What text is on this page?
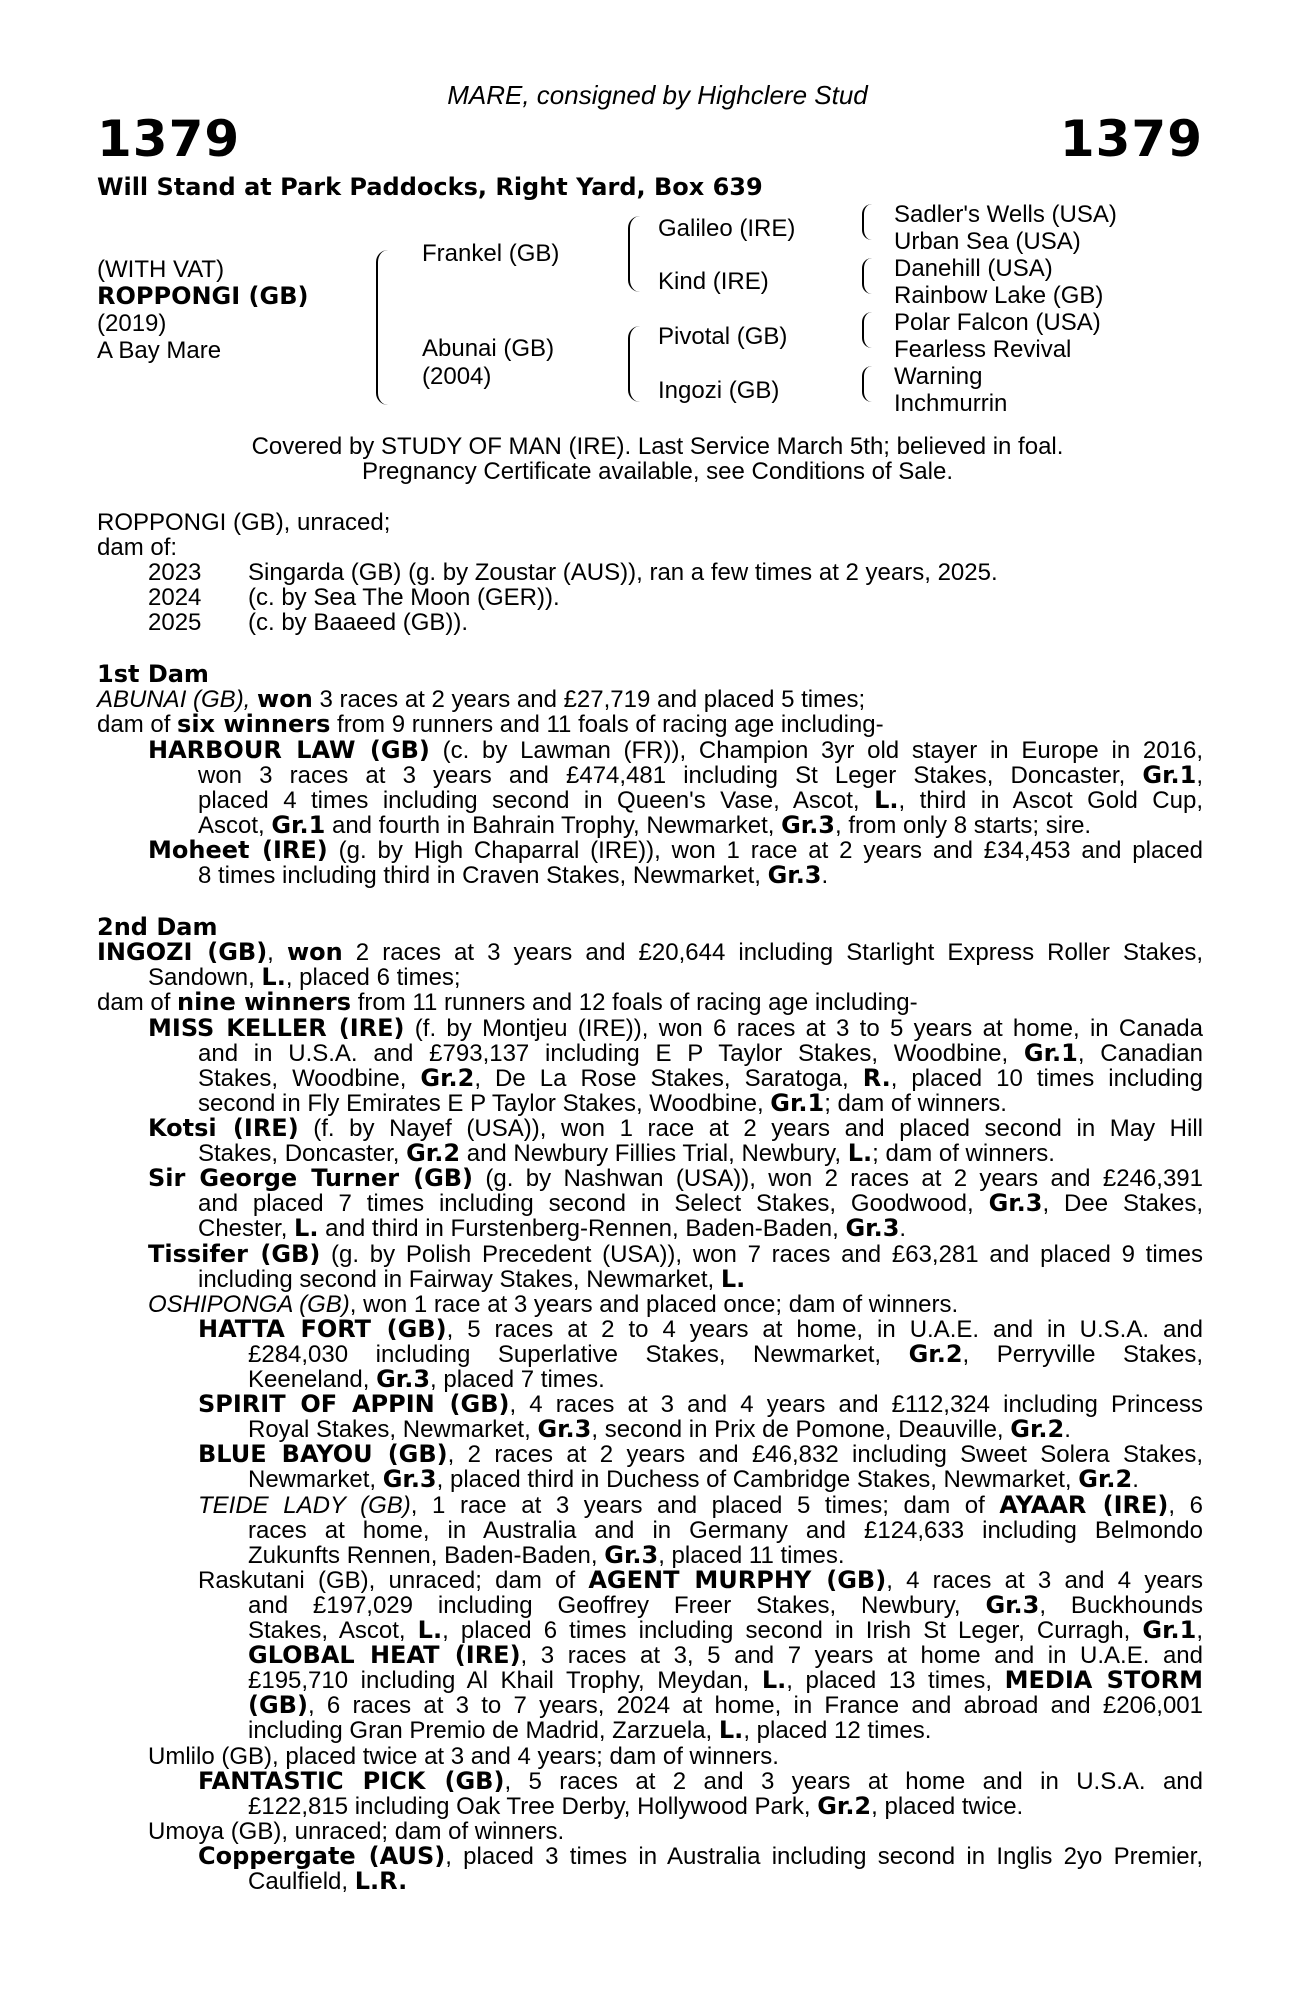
MARE, consigned by Highclere Stud
1379	1379
Will Stand at Park Paddocks, Right Yard, Box 639
(WITH VAT)
ROPPONGI (GB)
(2019)
A Bay Mare
Frankel (GB)
Abunai (GB)
(2004)
Galileo (IRE)
Kind (IRE)
Pivotal (GB)
Ingozi (GB)
Sadler's Wells (USA)
Urban Sea (USA)
Danehill (USA)
Rainbow Lake (GB)
Polar Falcon (USA)
Fearless Revival
Warning
Inchmurrin
Covered by STUDY OF MAN (IRE). Last Service March 5th; believed in foal.
Pregnancy Certificate available, see Conditions of Sale.
ROPPONGI (GB), unraced;
dam of:
2023 Singarda (GB) (g. by Zoustar (AUS)), ran a few times at 2 years, 2025.
2024 (c. by Sea The Moon (GER)).
2025 (c. by Baaeed (GB)).
1st Dam
ABUNAI (GB), won 3 races at 2 years and £27,719 and placed 5 times;
dam of six winners from 9 runners and 11 foals of racing age including-
HARBOUR LAW (GB) (c. by Lawman (FR)), Champion 3yr old stayer in Europe in 2016,
won 3 races at 3 years and £474,481 including St Leger Stakes, Doncaster, Gr.1,
placed 4 times including second in Queen's Vase, Ascot, L., third in Ascot Gold Cup,
Ascot, Gr.1 and fourth in Bahrain Trophy, Newmarket, Gr.3, from only 8 starts; sire.
Moheet (IRE) (g. by High Chaparral (IRE)), won 1 race at 2 years and £34,453 and placed
8 times including third in Craven Stakes, Newmarket, Gr.3.
2nd Dam
INGOZI (GB), won 2 races at 3 years and £20,644 including Starlight Express Roller Stakes,
Sandown, L., placed 6 times;
dam of nine winners from 11 runners and 12 foals of racing age including-
MISS KELLER (IRE) (f. by Montjeu (IRE)), won 6 races at 3 to 5 years at home, in Canada
and in U.S.A. and £793,137 including E P Taylor Stakes, Woodbine, Gr.1, Canadian
Stakes, Woodbine, Gr.2, De La Rose Stakes, Saratoga, R., placed 10 times including
second in Fly Emirates E P Taylor Stakes, Woodbine, Gr.1; dam of winners.
Kotsi (IRE) (f. by Nayef (USA)), won 1 race at 2 years and placed second in May Hill
Stakes, Doncaster, Gr.2 and Newbury Fillies Trial, Newbury, L.; dam of winners.
Sir George Turner (GB) (g. by Nashwan (USA)), won 2 races at 2 years and £246,391
and placed 7 times including second in Select Stakes, Goodwood, Gr.3, Dee Stakes,
Chester, L. and third in Furstenberg-Rennen, Baden-Baden, Gr.3.
Tissifer (GB) (g. by Polish Precedent (USA)), won 7 races and £63,281 and placed 9 times
including second in Fairway Stakes, Newmarket, L.
OSHIPONGA (GB), won 1 race at 3 years and placed once; dam of winners.
HATTA FORT (GB), 5 races at 2 to 4 years at home, in U.A.E. and in U.S.A. and
£284,030 including Superlative Stakes, Newmarket, Gr.2, Perryville Stakes,
Keeneland, Gr.3, placed 7 times.
SPIRIT OF APPIN (GB), 4 races at 3 and 4 years and £112,324 including Princess
Royal Stakes, Newmarket, Gr.3, second in Prix de Pomone, Deauville, Gr.2.
BLUE BAYOU (GB), 2 races at 2 years and £46,832 including Sweet Solera Stakes,
Newmarket, Gr.3, placed third in Duchess of Cambridge Stakes, Newmarket, Gr.2.
TEIDE LADY (GB), 1 race at 3 years and placed 5 times; dam of AYAAR (IRE), 6
races at home, in Australia and in Germany and £124,633 including Belmondo
Zukunfts Rennen, Baden-Baden, Gr.3, placed 11 times.
Raskutani (GB), unraced; dam of AGENT MURPHY (GB), 4 races at 3 and 4 years
and £197,029 including Geoffrey Freer Stakes, Newbury, Gr.3, Buckhounds
Stakes, Ascot, L., placed 6 times including second in Irish St Leger, Curragh, Gr.1,
GLOBAL HEAT (IRE), 3 races at 3, 5 and 7 years at home and in U.A.E. and
£195,710 including Al Khail Trophy, Meydan, L., placed 13 times, MEDIA STORM
(GB), 6 races at 3 to 7 years, 2024 at home, in France and abroad and £206,001
including Gran Premio de Madrid, Zarzuela, L., placed 12 times.
Umlilo (GB), placed twice at 3 and 4 years; dam of winners.
FANTASTIC PICK (GB), 5 races at 2 and 3 years at home and in U.S.A. and
£122,815 including Oak Tree Derby, Hollywood Park, Gr.2, placed twice.
Umoya (GB), unraced; dam of winners.
Coppergate (AUS), placed 3 times in Australia including second in Inglis 2yo Premier,
Caulfield, L.R.
